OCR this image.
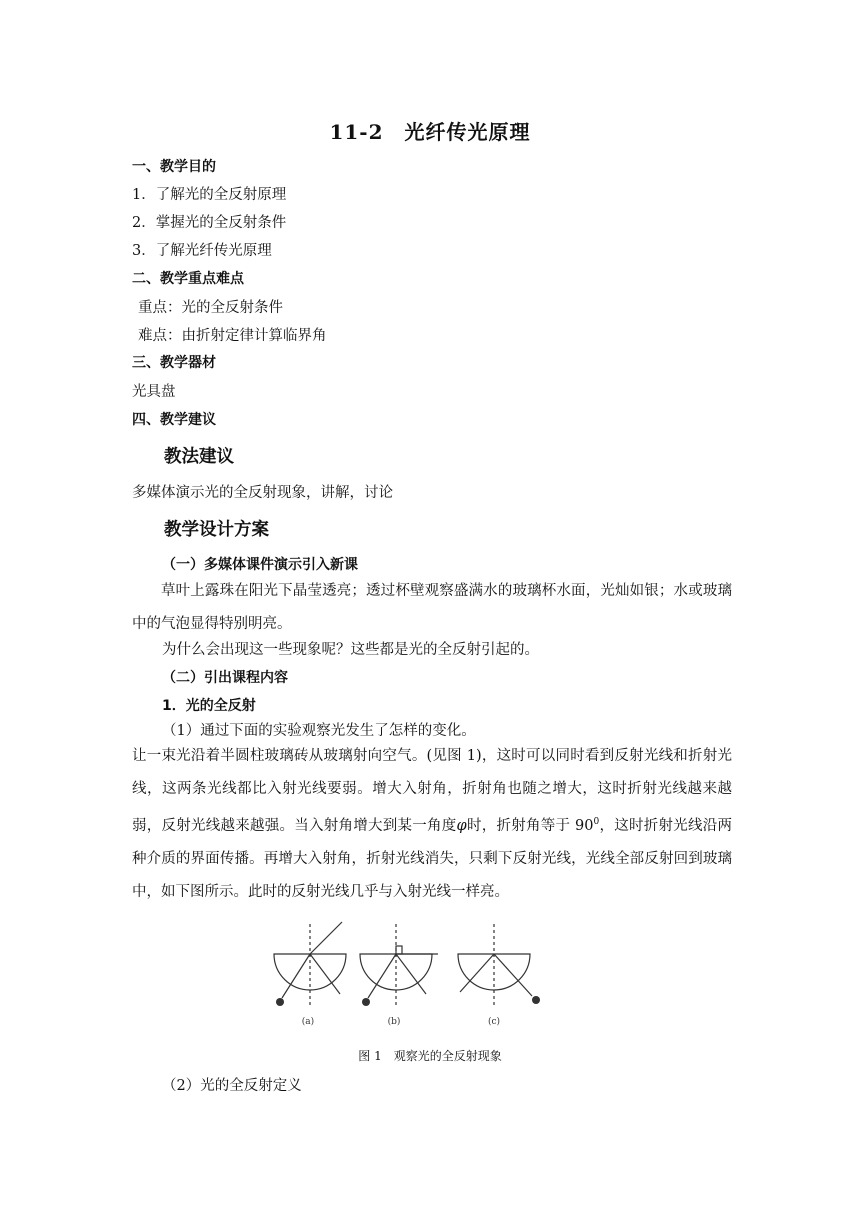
11-2　光纤传光原理
一、教学目的
1．了解光的全反射原理
2．掌握光的全反射条件
3．了解光纤传光原理
二、教学重点难点
重点：光的全反射条件
难点：由折射定律计算临界角
三、教学器材
光具盘
四、教学建议
教法建议
多媒体演示光的全反射现象，讲解，讨论
教学设计方案
（一）多媒体课件演示引入新课
草叶上露珠在阳光下晶莹透亮；透过杯壁观察盛满水的玻璃杯水面，光灿如银；水或玻璃中的气泡显得特别明亮。
为什么会出现这一些现象呢？这些都是光的全反射引起的。
（二）引出课程内容
1．光的全反射
（1）通过下面的实验观察光发生了怎样的变化。
让一束光沿着半圆柱玻璃砖从玻璃射向空气。(见图 1)，这时可以同时看到反射光线和折射光线，这两条光线都比入射光线要弱。增大入射角，折射角也随之增大，这时折射光线越来越弱，反射光线越来越强。当入射角增大到某一角度φ时，折射角等于 $90^0$，这时折射光线沿两种介质的界面传播。再增大入射角，折射光线消失，只剩下反射光线，光线全部反射回到玻璃中，如下图所示。此时的反射光线几乎与入射光线一样亮。
(a)	(b)	(c)
图 1　观察光的全反射现象
（2）光的全反射定义
